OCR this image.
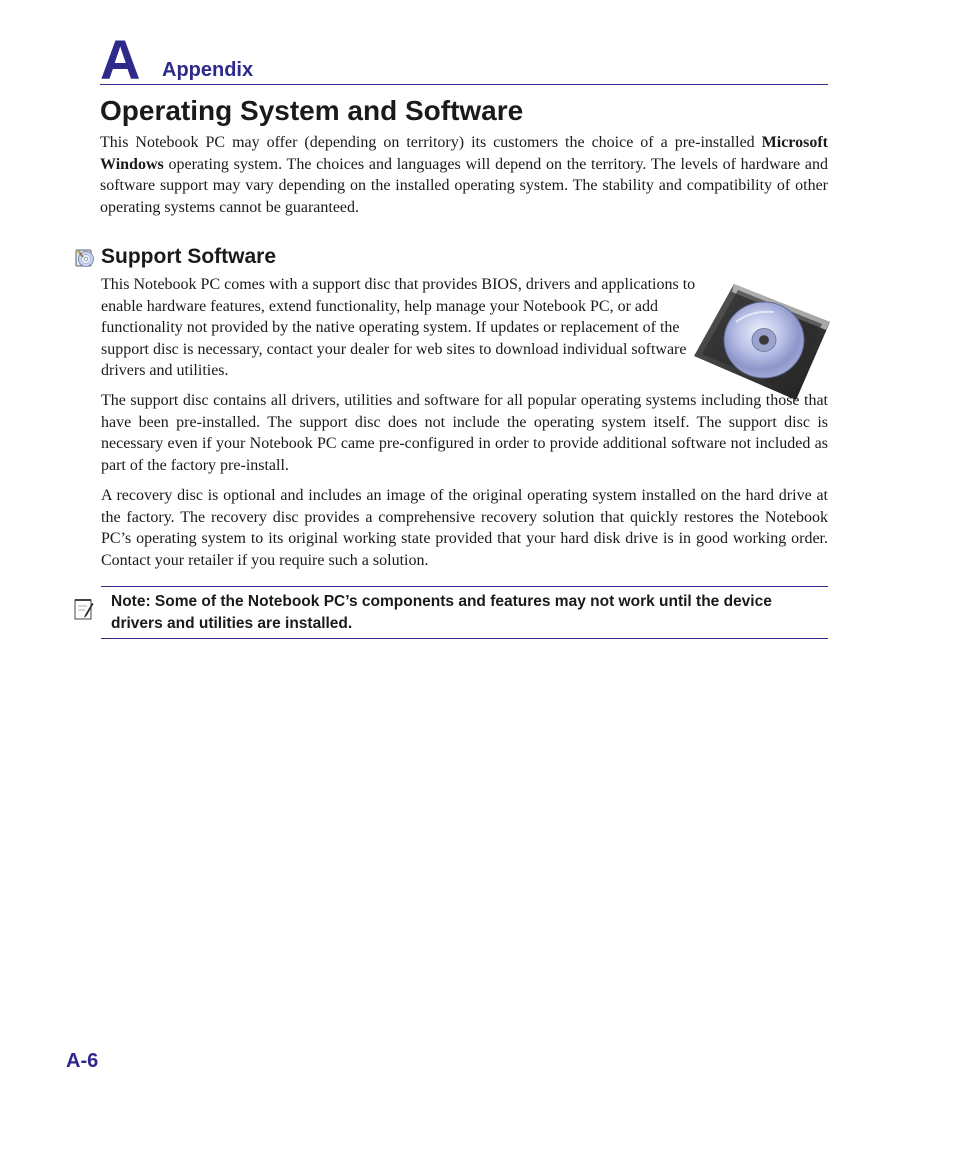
A Appendix
Operating System and Software

This Notebook PC may offer (depending on territory) its customers the choice of a pre-installed Microsoft Windows operating system. The choices and languages will depend on the territory. The levels of hardware and software support may vary depending on the installed operating system. The stability and compatibility of other operating systems cannot be guaranteed.

Support Software

This Notebook PC comes with a support disc that provides BIOS, drivers and applications to enable hardware features, extend functionality, help manage your Notebook PC, or add functionality not provided by the native operating system. If updates or replacement of the support disc is necessary, contact your dealer for web sites to download individual software drivers and utilities.

The support disc contains all drivers, utilities and software for all popular operating systems including those that have been pre-installed. The support disc does not include the operating system itself. The support disc is necessary even if your Notebook PC came pre-configured in order to provide additional software not included as part of the factory pre-install.

A recovery disc is optional and includes an image of the original operating system installed on the hard drive at the factory. The recovery disc provides a comprehensive recovery solution that quickly restores the Notebook PC’s operating system to its original working state provided that your hard disk drive is in good working order. Contact your retailer if you require such a solution.

Note: Some of the Notebook PC’s components and features may not work until the device drivers and utilities are installed.

A-6
